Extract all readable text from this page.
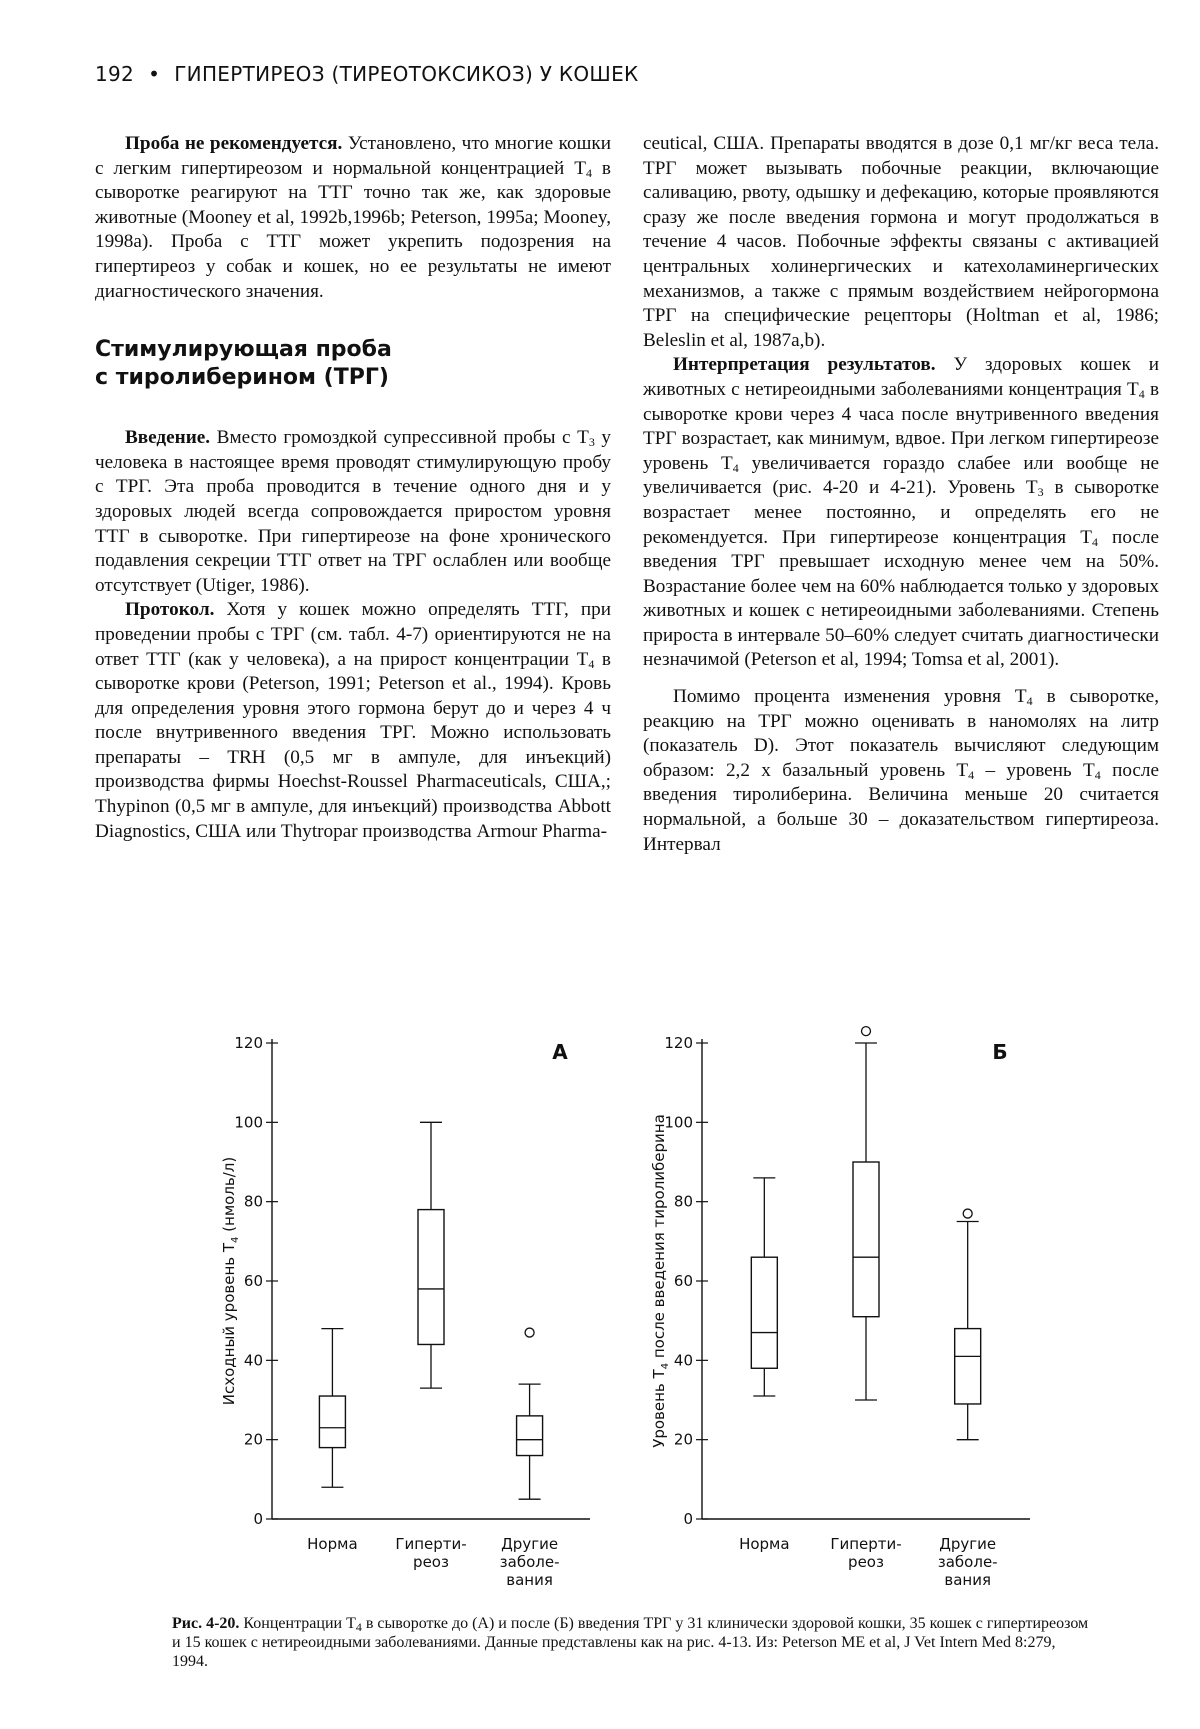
192 • ГИПЕРТИРЕОЗ (ТИРЕОТОКСИКОЗ) У КОШЕК

Проба не рекомендуется. Установлено, что многие кошки с легким гипертиреозом и нормальной концентрацией $T_4$ в сыворотке реагируют на ТТГ точно так же, как здоровые животные (Mooney et al, 1992b,1996b; Peterson, 1995a; Mooney, 1998a). Проба с ТТГ может укрепить подозрения на гипертиреоз у собак и кошек, но ее результаты не имеют диагностического значения.

Стимулирующая проба
с тиролиберином (ТРГ)

Введение. Вместо громоздкой супрессивной пробы с $T_3$ у человека в настоящее время проводят стимулирующую пробу с ТРГ. Эта проба проводится в течение одного дня и у здоровых людей всегда сопровождается приростом уровня ТТГ в сыворотке. При гипертиреозе на фоне хронического подавления секреции ТТГ ответ на ТРГ ослаблен или вообще отсутствует (Utiger, 1986).

Протокол. Хотя у кошек можно определять ТТГ, при проведении пробы с ТРГ (см. табл. 4-7) ориентируются не на ответ ТТГ (как у человека), а на прирост концентрации $T_4$ в сыворотке крови (Peterson, 1991; Peterson et al., 1994). Кровь для определения уровня этого гормона берут до и через 4 ч после внутривенного введения ТРГ. Можно использовать препараты – TRH (0,5 мг в ампуле, для инъекций) производства фирмы Hoechst-Roussel Pharmaceuticals, США,; Thypinon (0,5 мг в ампуле, для инъекций) производства Abbott Diagnostics, США или Thytropar производства Armour Pharma-

ceutical, США. Препараты вводятся в дозе 0,1 мг/кг веса тела. ТРГ может вызывать побочные реакции, включающие саливацию, рвоту, одышку и дефекацию, которые проявляются сразу же после введения гормона и могут продолжаться в течение 4 часов. Побочные эффекты связаны с активацией центральных холинергических и катехоламинергических механизмов, а также с прямым воздействием нейрогормона ТРГ на специфические рецепторы (Holtman et al, 1986; Beleslin et al, 1987a,b).

Интерпретация результатов. У здоровых кошек и животных с нетиреоидными заболеваниями концентрация $T_4$ в сыворотке крови через 4 часа после внутривенного введения ТРГ возрастает, как минимум, вдвое. При легком гипертиреозе уровень $T_4$ увеличивается гораздо слабее или вообще не увеличивается (рис. 4-20 и 4-21). Уровень $T_3$ в сыворотке возрастает менее постоянно, и определять его не рекомендуется. При гипертиреозе концентрация $T_4$ после введения ТРГ превышает исходную менее чем на 50%. Возрастание более чем на 60% наблюдается только у здоровых животных и кошек с нетиреоидными заболеваниями. Степень прироста в интервале 50–60% следует считать диагностически незначимой (Peterson et al, 1994; Tomsa et al, 2001).

Помимо процента изменения уровня $T_4$ в сыворотке, реакцию на ТРГ можно оценивать в наномолях на литр (показатель D). Этот показатель вычисляют следующим образом: 2,2 x базальный уровень $T_4$ – уровень $T_4$ после введения тиролиберина. Величина меньше 20 считается нормальной, а больше 30 – доказательством гипертиреоза. Интервал

0
20
40
60
80
100
120
Исходный уровень $T_4$ (нмоль/л)
А
Норма	Гиперти-
реоз
Другие
заболе-
вания
0
20
40
60
80
100
120
Уровень $T_4$ после введения тиролиберина
Б
Норма	Гиперти-
реоз
Другие
заболе-
вания
Рис. 4-20. Концентрации $T_4$ в сыворотке до (А) и после (Б) введения ТРГ у 31 клинически здоровой кошки, 35 кошек с гипертиреозом и 15 кошек с нетиреоидными заболеваниями. Данные представлены как на рис. 4-13. Из: Peterson ME et al, J Vet Intern Med 8:279, 1994.
